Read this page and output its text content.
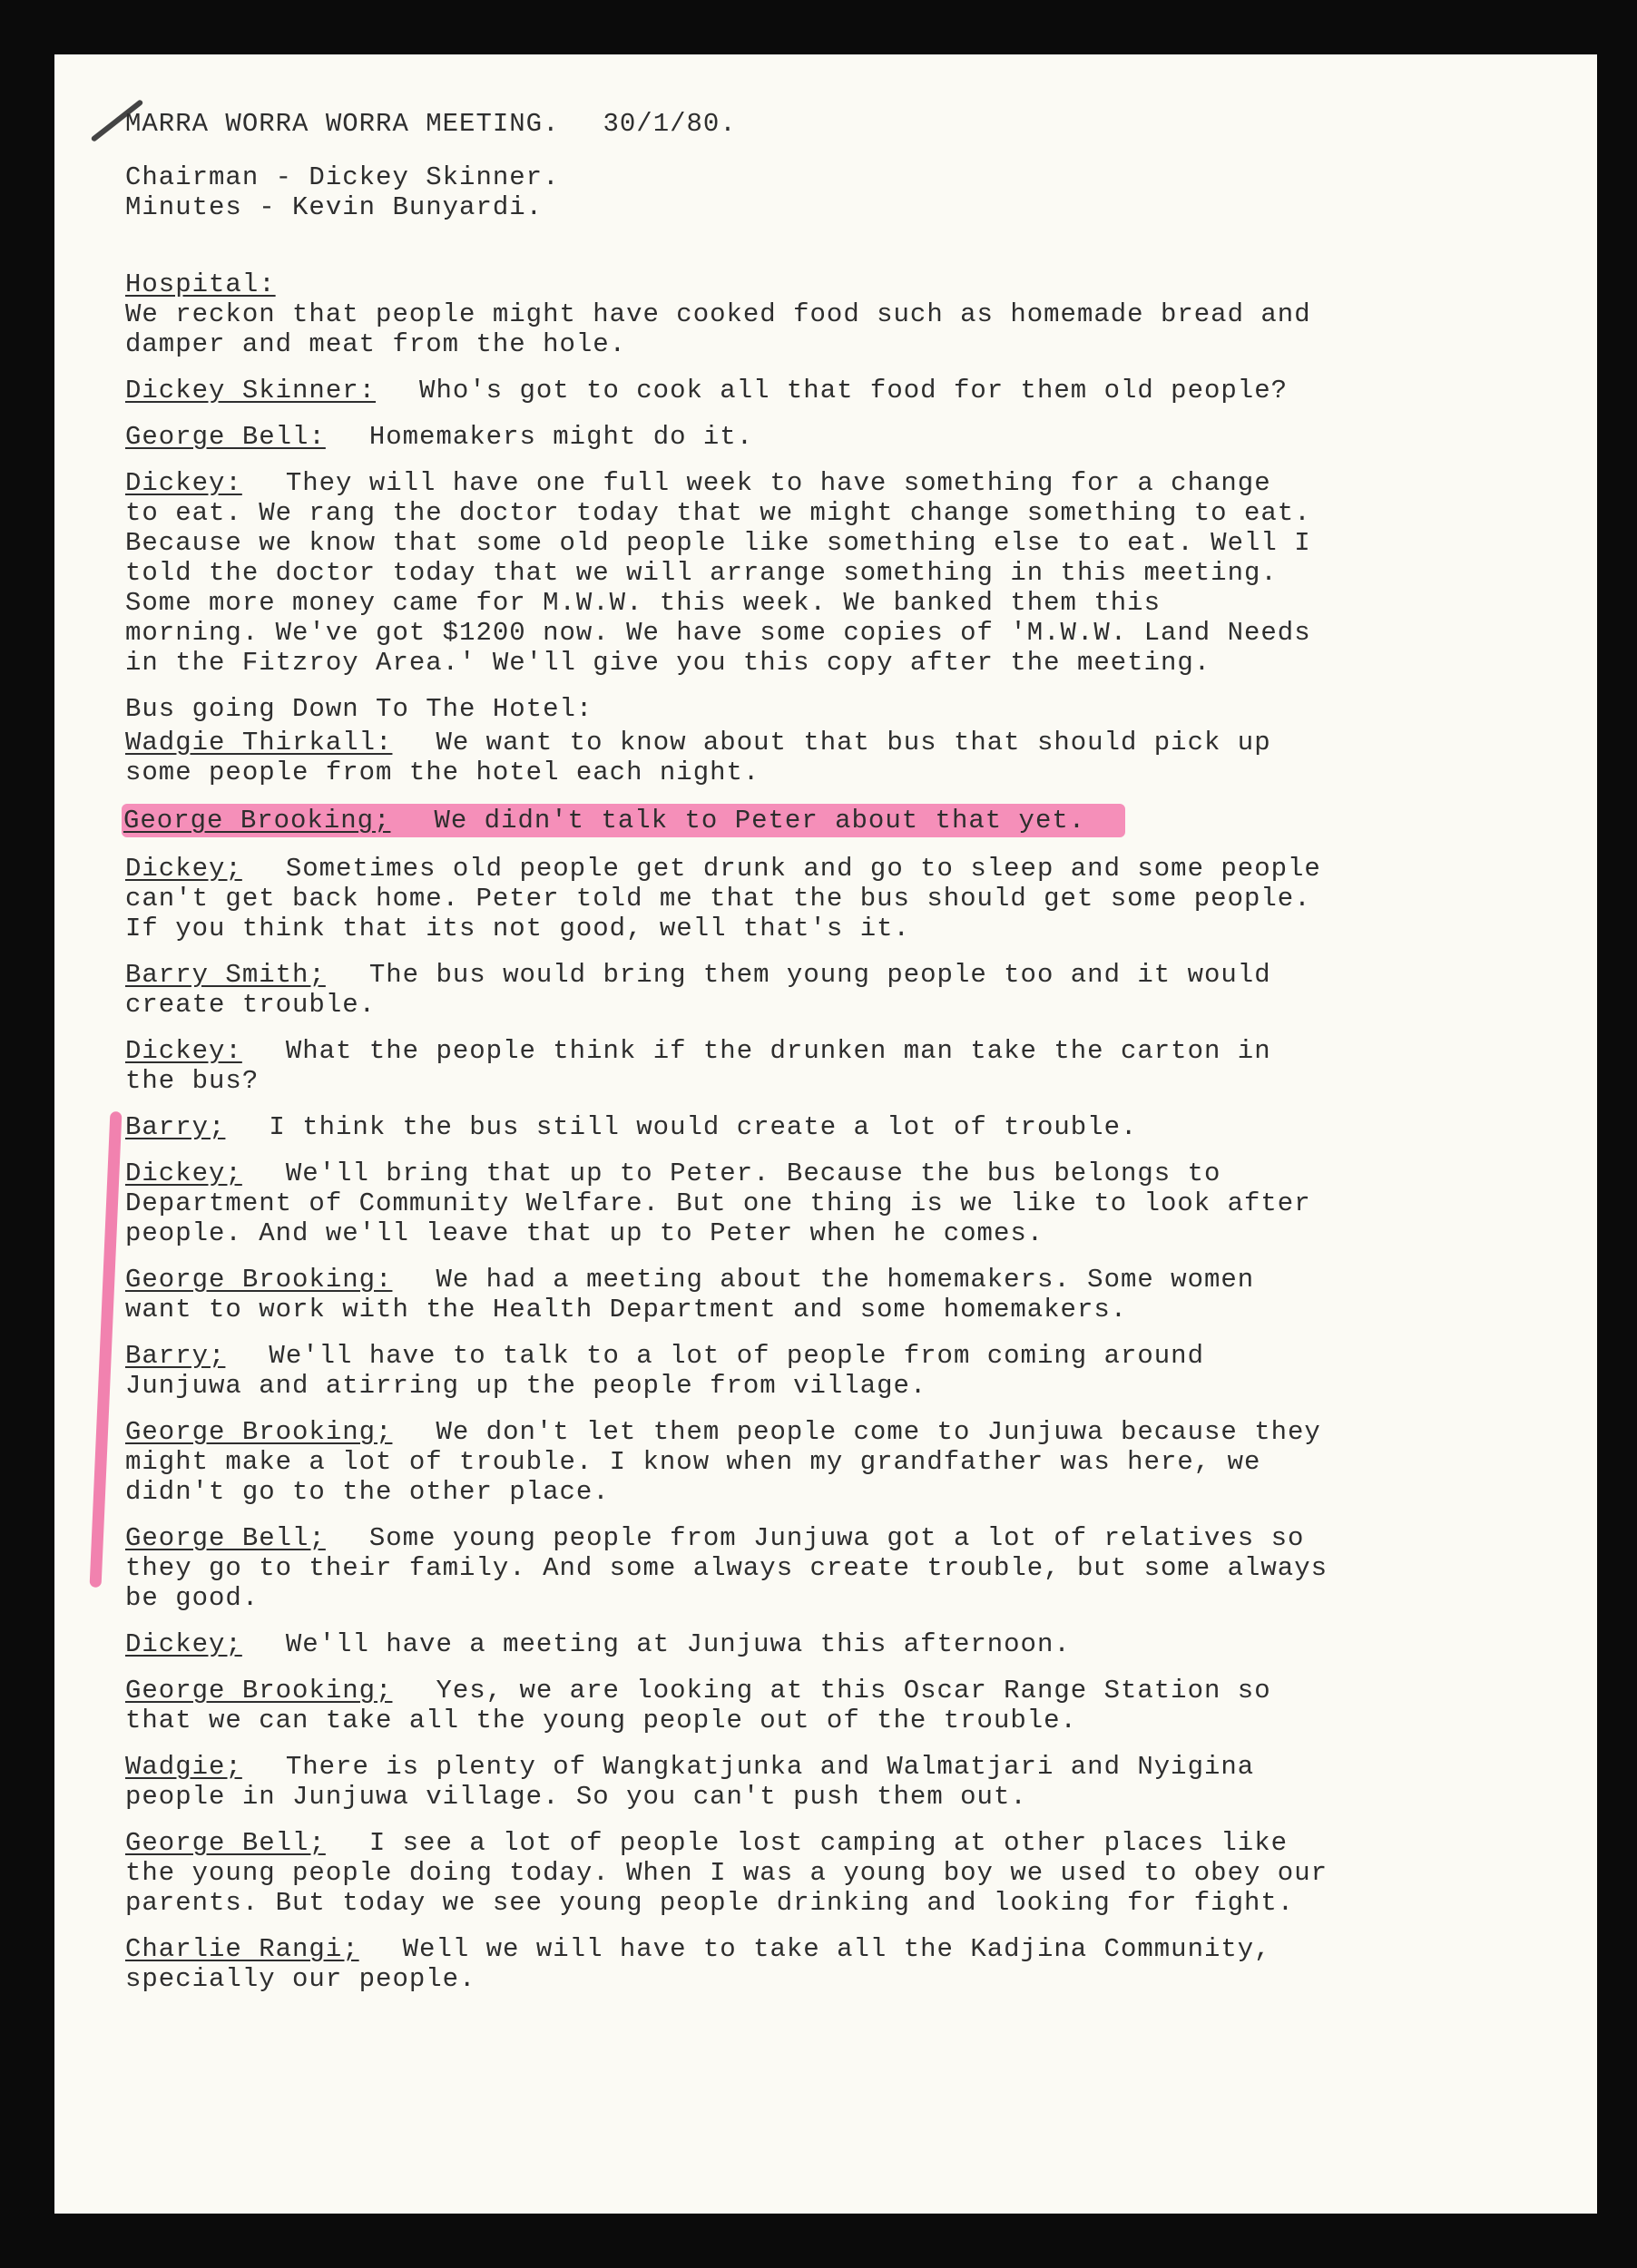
MARRA WORRA WORRA MEETING. 30/1/80.
Chairman - Dickey Skinner.
Minutes - Kevin Bunyardi.
Hospital:
We reckon that people might have cooked food such as homemade bread and
damper and meat from the hole.
Dickey Skinner: Who's got to cook all that food for them old people?
George Bell: Homemakers might do it.
Dickey: They will have one full week to have something for a change
to eat. We rang the doctor today that we might change something to eat.
Because we know that some old people like something else to eat. Well I
told the doctor today that we will arrange something in this meeting.
Some more money came for M.W.W. this week. We banked them this
morning. We've got $1200 now. We have some copies of 'M.W.W. Land Needs
in the Fitzroy Area.' We'll give you this copy after the meeting.
Bus going Down To The Hotel:
Wadgie Thirkall: We want to know about that bus that should pick up
some people from the hotel each night.
George Brooking; We didn't talk to Peter about that yet.
Dickey; Sometimes old people get drunk and go to sleep and some people
can't get back home. Peter told me that the bus should get some people.
If you think that its not good, well that's it.
Barry Smith; The bus would bring them young people too and it would
create trouble.
Dickey: What the people think if the drunken man take the carton in
the bus?
Barry; I think the bus still would create a lot of trouble.
Dickey; We'll bring that up to Peter. Because the bus belongs to
Department of Community Welfare. But one thing is we like to look after
people. And we'll leave that up to Peter when he comes.
George Brooking: We had a meeting about the homemakers. Some women
want to work with the Health Department and some homemakers.
Barry; We'll have to talk to a lot of people from coming around
Junjuwa and atirring up the people from village.
George Brooking; We don't let them people come to Junjuwa because they
might make a lot of trouble. I know when my grandfather was here, we
didn't go to the other place.
George Bell; Some young people from Junjuwa got a lot of relatives so
they go to their family. And some always create trouble, but some always
be good.
Dickey; We'll have a meeting at Junjuwa this afternoon.
George Brooking; Yes, we are looking at this Oscar Range Station so
that we can take all the young people out of the trouble.
Wadgie; There is plenty of Wangkatjunka and Walmatjari and Nyigina
people in Junjuwa village. So you can't push them out.
George Bell; I see a lot of people lost camping at other places like
the young people doing today. When I was a young boy we used to obey our
parents. But today we see young people drinking and looking for fight.
Charlie Rangi; Well we will have to take all the Kadjina Community,
specially our people.
